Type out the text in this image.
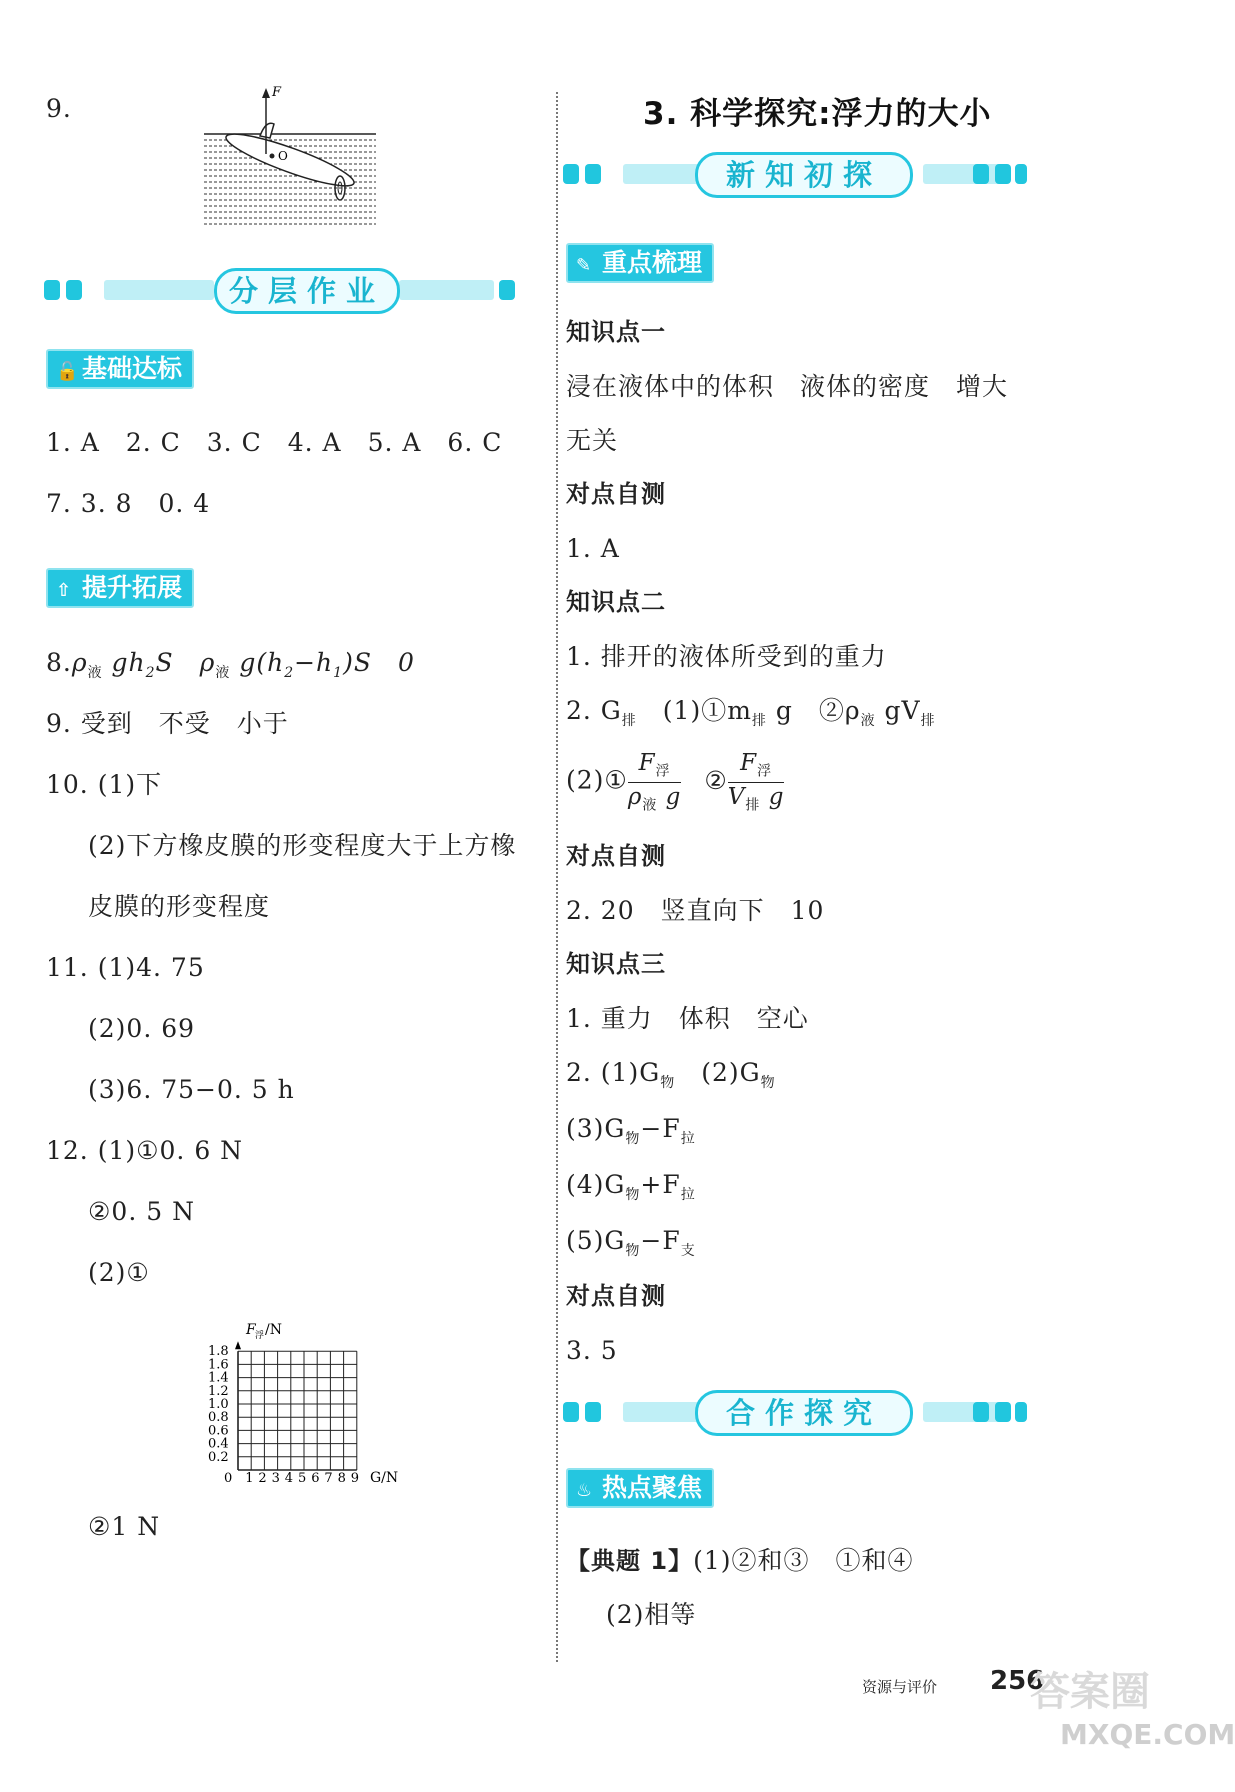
9.
F
O
分层作业
🔓 基础达标
1. A　2. C　3. C　4. A　5. A　6. C
7. 3. 8　0. 4
⇧ 提升拓展
$8.\rho_液$ $gh_2S$　$\rho_液$ $g(h_2-h_1)S$　0
9. 受到　不受　小于
10. (1)下
(2)下方橡皮膜的形变程度大于上方橡
皮膜的形变程度
11. (1)4. 75
(2)0. 69
(3)6. 75−0. 5 h
12. (1)①0. 6 N
②0. 5 N
(2)①
1.8
1.6
1.4
1.2
1.0
0.8
0.6
0.4
0.2
1 2 3 4 5 6 7 8 9
F 浮 /N
G/N
0
②1 N
3. 科学探究:浮力的大小
新知初探
✎ 重点梳理
知识点一
浸在液体中的体积　液体的密度　增大
无关
对点自测
1. A
知识点二
1. 排开的液体所受到的重力
2. $G_排$　$(1)①m_排$ g　$②\rho_液$ $gV_排$
(2)① $\frac{F_浮}{\rho_液 g}$ ② $\frac{F_浮}{V_排 g}$
对点自测
2. 20　竖直向下　10
知识点三
1. 重力　体积　空心
2. $(1)G_物$　$(2)G_物$
$(3)G_物-F_拉$
$(4)G_物+F_拉$
$(5)G_物-F_支$
对点自测
3. 5
合作探究
♨ 热点聚焦
【典题 1】(1)②和③　①和④
(2)相等
资源与评价 256
答案圈
MXQE.COM
